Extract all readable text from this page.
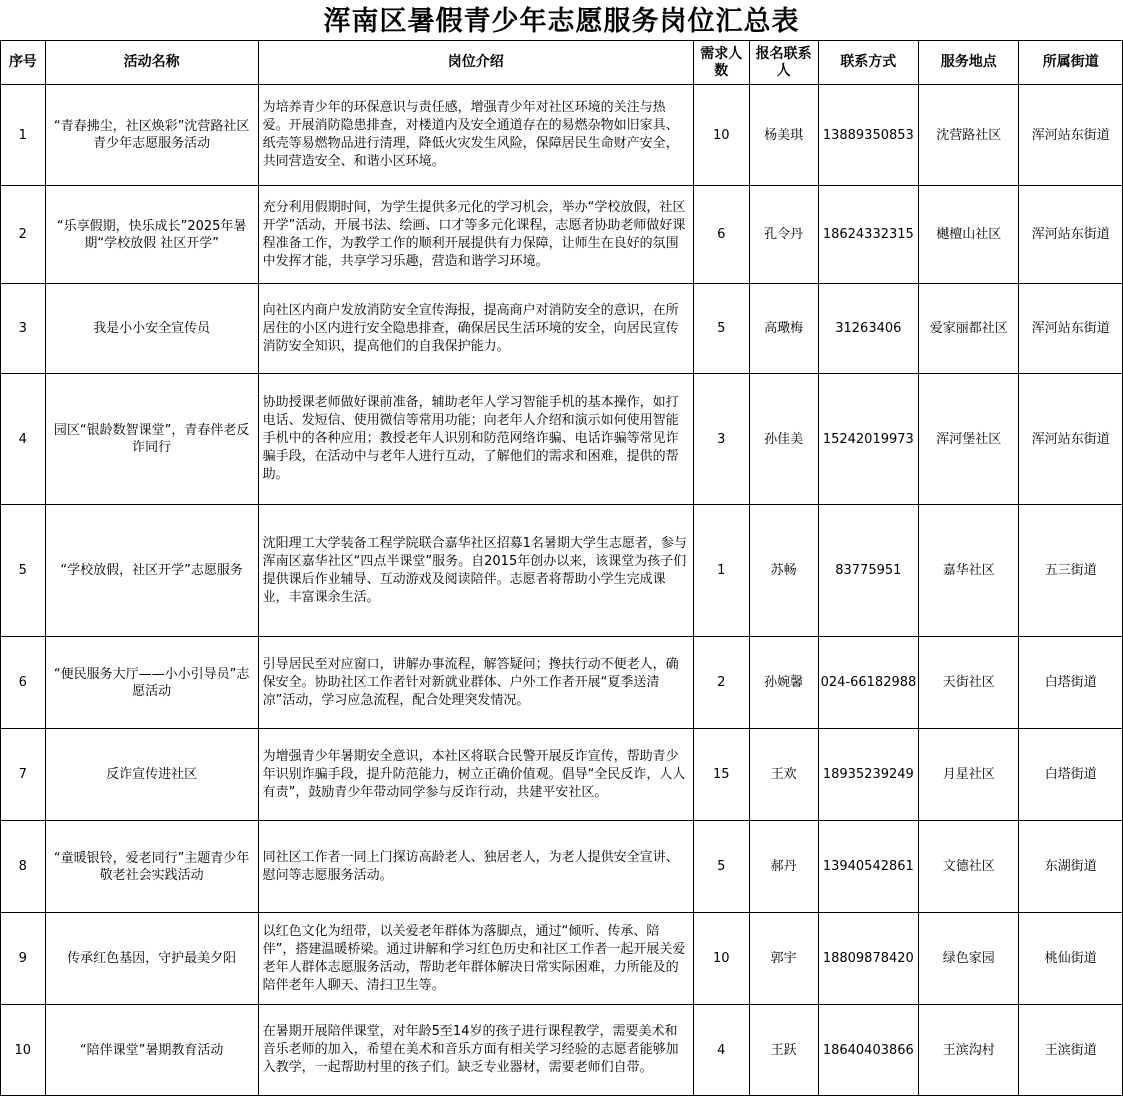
浑南区暑假青少年志愿服务岗位汇总表
序号	活动名称	岗位介绍	需求人数	报名联系人	联系方式	服务地点	所属街道
1	“青春拂尘，社区焕彩”沈营路社区青少年志愿服务活动	为培养青少年的环保意识与责任感，增强青少年对社区环境的关注与热爱。开展消防隐患排查，对楼道内及安全通道存在的易燃杂物如旧家具、纸壳等易燃物品进行清理，降低火灾发生风险，保障居民生命财产安全，共同营造安全、和谐小区环境。	10	杨美琪	13889350853	沈营路社区	浑河站东街道
2	“乐享假期，快乐成长”2025年暑期“学校放假 社区开学”	充分利用假期时间，为学生提供多元化的学习机会，举办“学校放假，社区开学”活动，开展书法、绘画、口才等多元化课程，志愿者协助老师做好课程准备工作，为教学工作的顺利开展提供有力保障，让师生在良好的氛围中发挥才能，共享学习乐趣，营造和谐学习环境。	6	孔令丹	18624332315	樾檀山社区	浑河站东街道
3	我是小小安全宣传员	向社区内商户发放消防安全宣传海报，提高商户对消防安全的意识，在所居住的小区内进行安全隐患排查，确保居民生活环境的安全，向居民宣传消防安全知识，提高他们的自我保护能力。	5	高璥梅	31263406	爱家丽都社区	浑河站东街道
4	园区“银龄数智课堂”，青春伴老反诈同行	协助授课老师做好课前准备，辅助老年人学习智能手机的基本操作，如打电话、发短信、使用微信等常用功能；向老年人介绍和演示如何使用智能手机中的各种应用；教授老年人识别和防范网络诈骗、电话诈骗等常见诈骗手段，在活动中与老年人进行互动，了解他们的需求和困难，提供的帮助。	3	孙佳美	15242019973	浑河堡社区	浑河站东街道
5	“学校放假，社区开学”志愿服务	沈阳理工大学装备工程学院联合嘉华社区招募1名暑期大学生志愿者，参与浑南区嘉华社区“四点半课堂”服务。自2015年创办以来，该课堂为孩子们提供课后作业辅导、互动游戏及阅读陪伴。志愿者将帮助小学生完成课业，丰富课余生活。	1	苏畅	83775951	嘉华社区	五三街道
6	“便民服务大厅——小小引导员”志愿活动	引导居民至对应窗口，讲解办事流程，解答疑问；搀扶行动不便老人，确保安全。协助社区工作者针对新就业群体、户外工作者开展“夏季送清凉”活动，学习应急流程，配合处理突发情况。	2	孙婉馨	024-66182988	天街社区	白塔街道
7	反诈宣传进社区	为增强青少年暑期安全意识，本社区将联合民警开展反诈宣传，帮助青少年识别诈骗手段，提升防范能力，树立正确价值观。倡导“全民反诈，人人有责”，鼓励青少年带动同学参与反诈行动，共建平安社区。	15	王欢	18935239249	月星社区	白塔街道
8	“童暖银铃，爱老同行”主题青少年敬老社会实践活动	同社区工作者一同上门探访高龄老人、独居老人，为老人提供安全宣讲、慰问等志愿服务活动。	5	郝丹	13940542861	文德社区	东湖街道
9	传承红色基因，守护最美夕阳	以红色文化为纽带，以关爱老年群体为落脚点，通过“倾听、传承、陪伴”，搭建温暖桥梁。通过讲解和学习红色历史和社区工作者一起开展关爱老年人群体志愿服务活动，帮助老年群体解决日常实际困难，力所能及的陪伴老年人聊天、清扫卫生等。	10	郭宇	18809878420	绿色家园	桃仙街道
10	“陪伴课堂”暑期教育活动	在暑期开展陪伴课堂，对年龄5至14岁的孩子进行课程教学，需要美术和音乐老师的加入，希望在美术和音乐方面有相关学习经验的志愿者能够加入教学，一起帮助村里的孩子们。缺乏专业器材，需要老师们自带。	4	王跃	18640403866	王滨沟村	王滨街道
